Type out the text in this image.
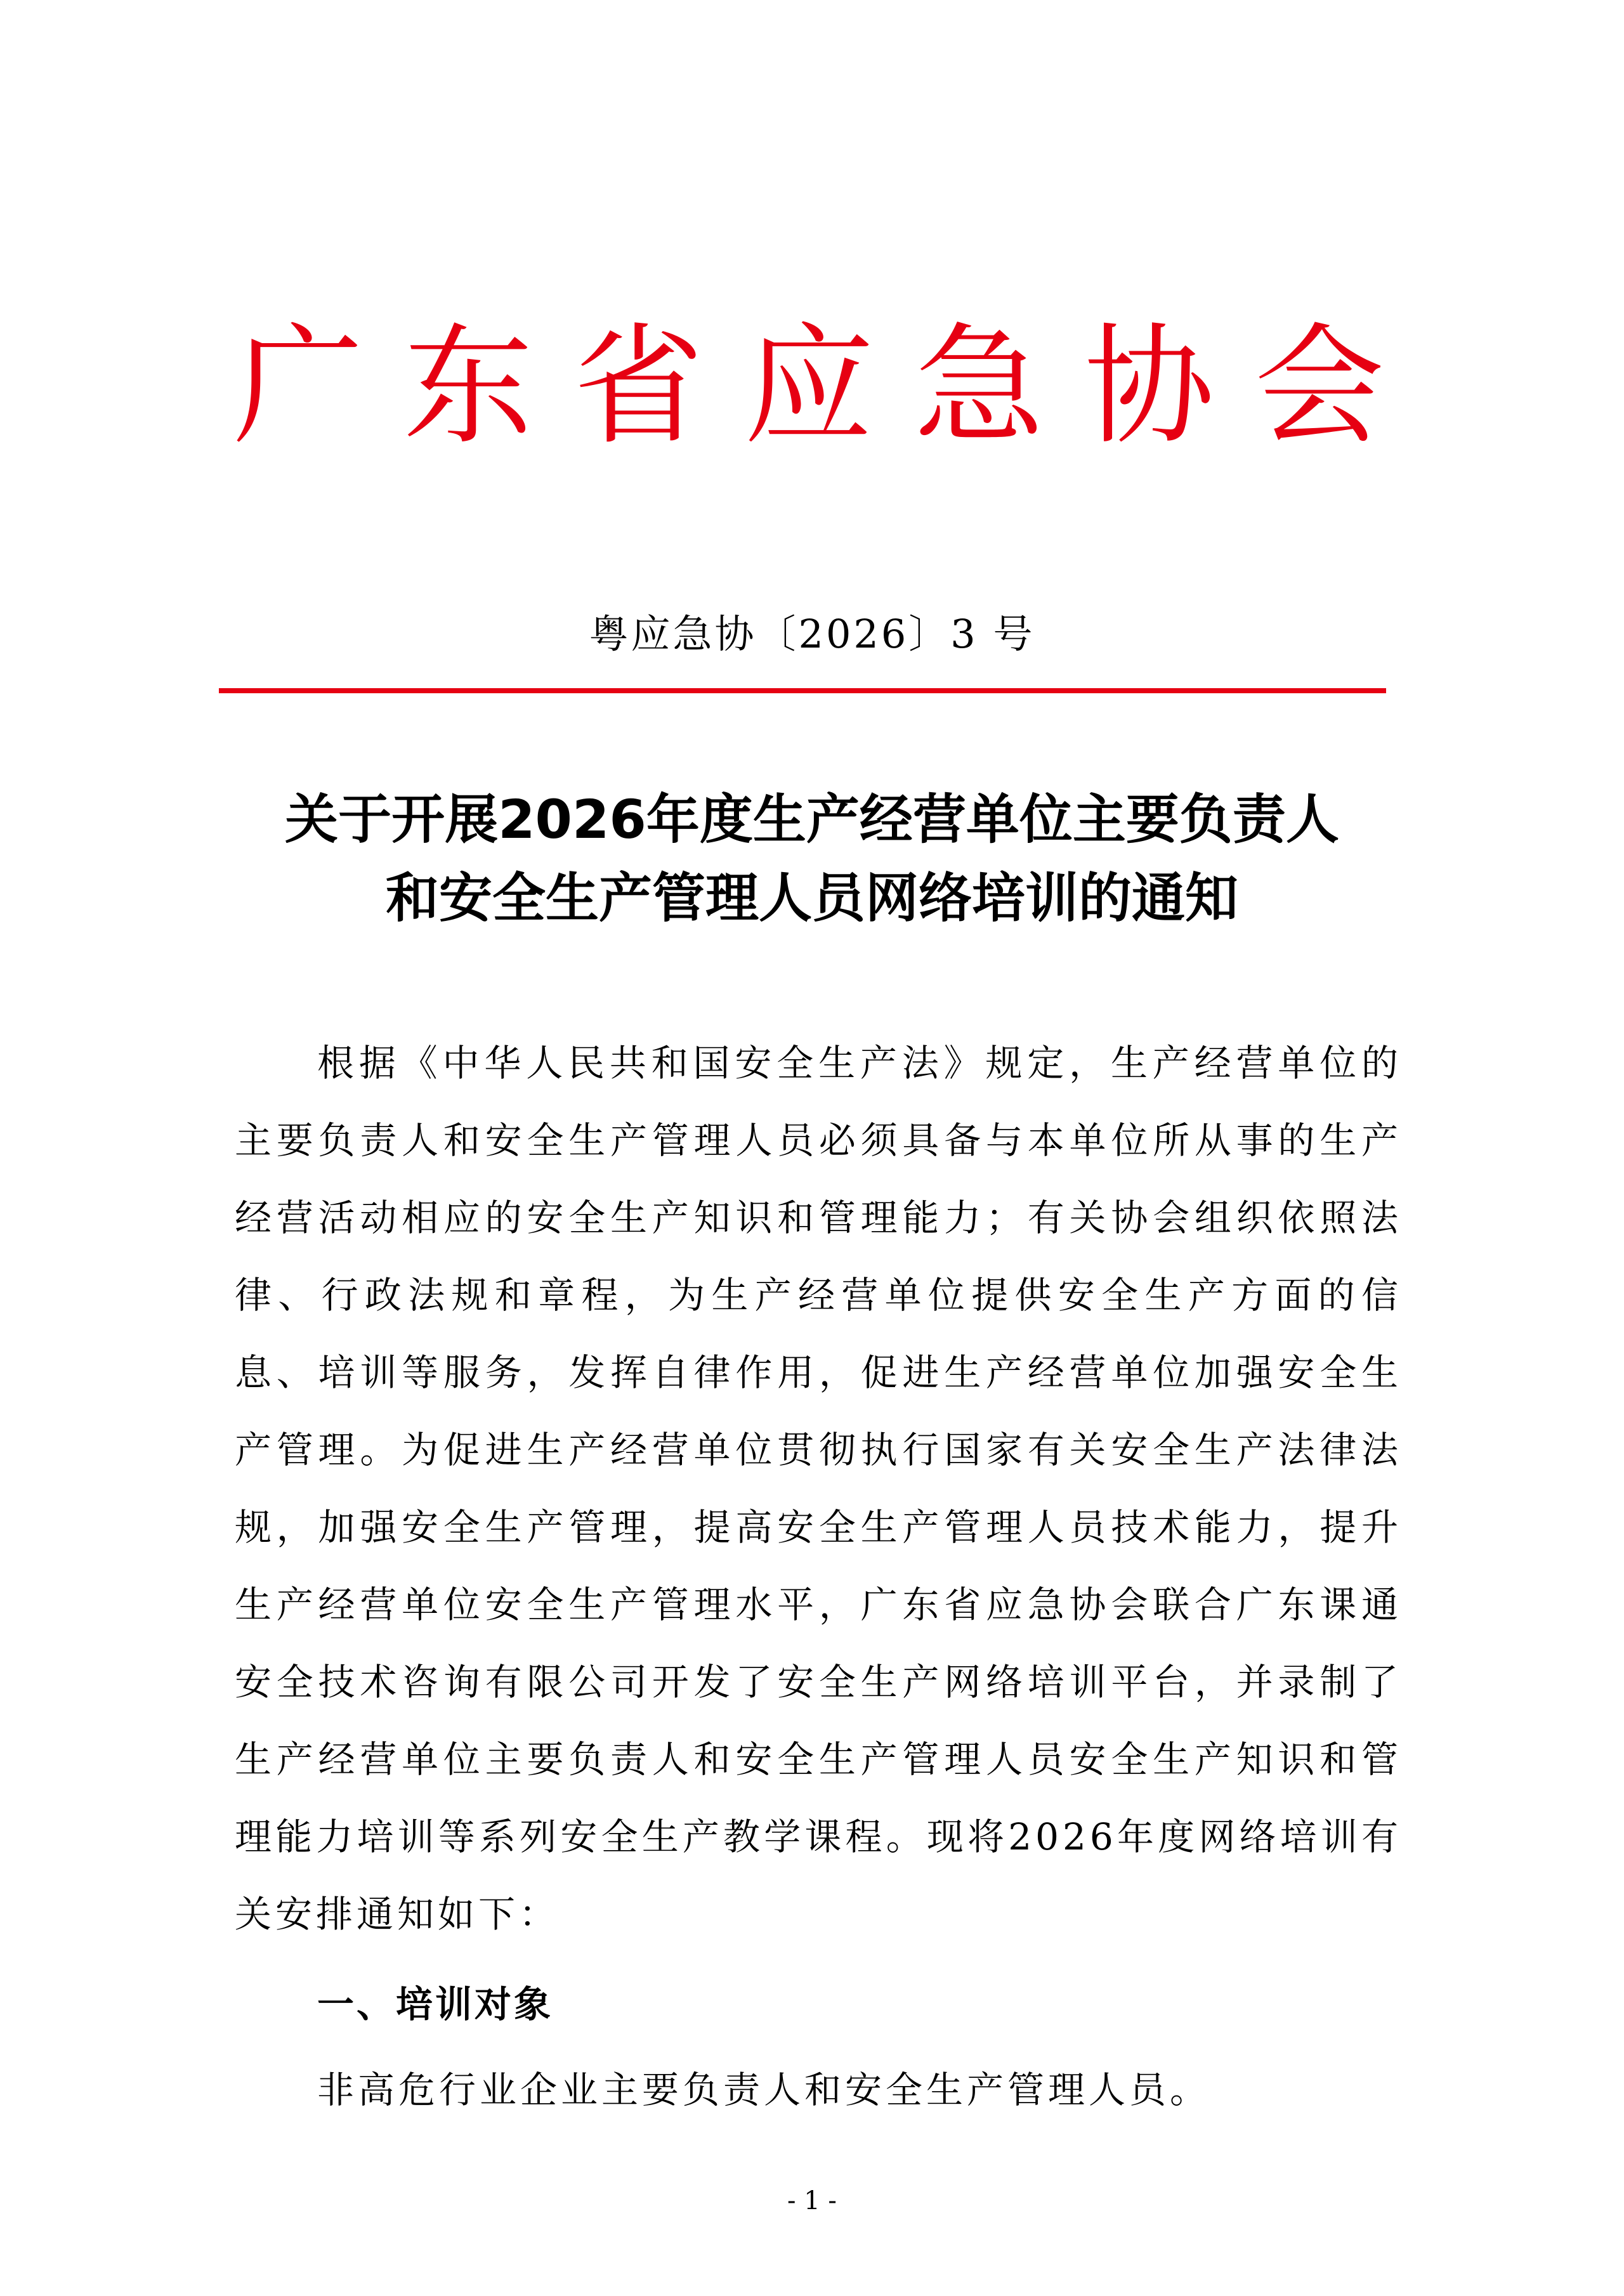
广 东 省 应 急 协 会
粤应急协〔2026〕3 号
关于开展2026年度生产经营单位主要负责人
和安全生产管理人员网络培训的通知

根据《中华人民共和国安全生产法》规定，生产经营单位的主要负责人和安全生产管理人员必须具备与本单位所从事的生产经营活动相应的安全生产知识和管理能力；有关协会组织依照法律、行政法规和章程，为生产经营单位提供安全生产方面的信息、培训等服务，发挥自律作用，促进生产经营单位加强安全生产管理。为促进生产经营单位贯彻执行国家有关安全生产法律法规，加强安全生产管理，提高安全生产管理人员技术能力，提升生产经营单位安全生产管理水平，广东省应急协会联合广东课通安全技术咨询有限公司开发了安全生产网络培训平台，并录制了生产经营单位主要负责人和安全生产管理人员安全生产知识和管理能力培训等系列安全生产教学课程。现将2026年度网络培训有关安排通知如下：

一、培训对象
非高危行业企业主要负责人和安全生产管理人员。
- 1 -
